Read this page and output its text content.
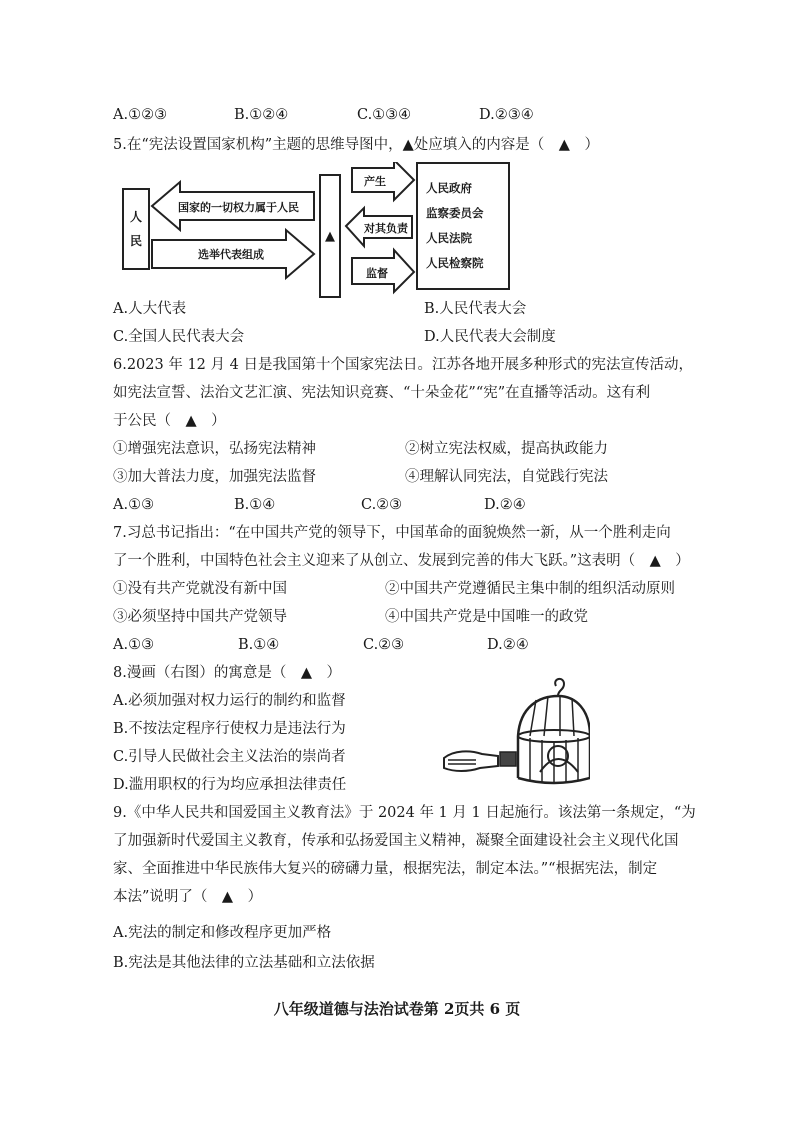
A.①②③	B.①②④	C.①③④	D.②③④
5.在“宪法设置国家机构”主题的思维导图中，▲处应填入的内容是（　▲　）
人
民
国家的一切权力属于人民
选举代表组成
▲
产生
对其负责
监督
人民政府
监察委员会
人民法院
人民检察院
A.人大代表	B.人民代表大会
C.全国人民代表大会	D.人民代表大会制度
6.2023 年 12 月 4 日是我国第十个国家宪法日。江苏各地开展多种形式的宪法宣传活动，
如宪法宣誓、法治文艺汇演、宪法知识竞赛、“十朵金花”“宪”在直播等活动。这有利
于公民（　▲　）
①增强宪法意识，弘扬宪法精神	②树立宪法权威，提高执政能力
③加大普法力度，加强宪法监督	④理解认同宪法，自觉践行宪法
A.①③	B.①④	C.②③	D.②④
7.习总书记指出：“在中国共产党的领导下，中国革命的面貌焕然一新，从一个胜利走向
了一个胜利，中国特色社会主义迎来了从创立、发展到完善的伟大飞跃。”这表明（　▲　）
①没有共产党就没有新中国	②中国共产党遵循民主集中制的组织活动原则
③必须坚持中国共产党领导	④中国共产党是中国唯一的政党
A.①③	B.①④	C.②③	D.②④
8.漫画（右图）的寓意是（　▲　）
A.必须加强对权力运行的制约和监督
B.不按法定程序行使权力是违法行为
C.引导人民做社会主义法治的崇尚者
D.滥用职权的行为均应承担法律责任
9.《中华人民共和国爱国主义教育法》于 2024 年 1 月 1 日起施行。该法第一条规定，“为
了加强新时代爱国主义教育，传承和弘扬爱国主义精神，凝聚全面建设社会主义现代化国
家、全面推进中华民族伟大复兴的磅礴力量，根据宪法，制定本法。”“根据宪法，制定
本法”说明了（　▲　）
A.宪法的制定和修改程序更加严格
B.宪法是其他法律的立法基础和立法依据
八年级道德与法治试卷第 2页共 6 页
